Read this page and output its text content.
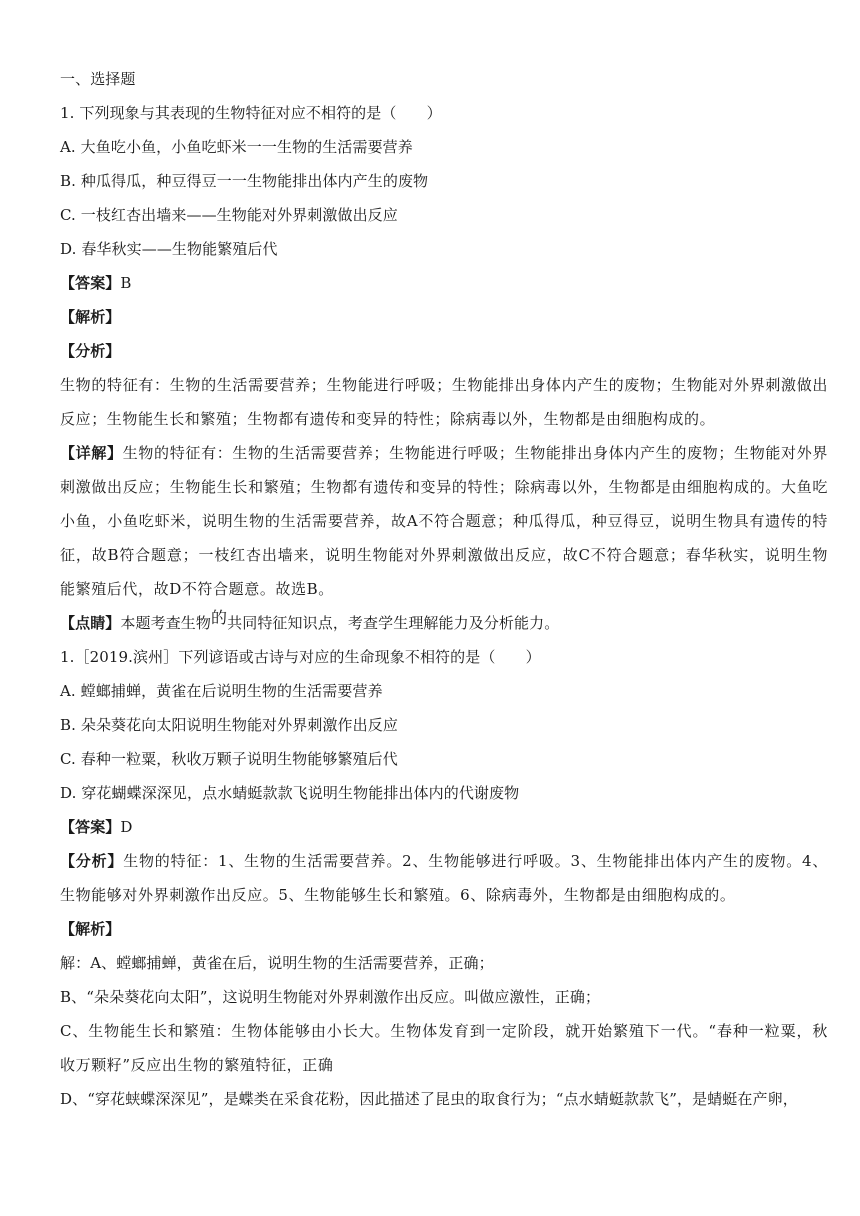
一、选择题
1. 下列现象与其表现的生物特征对应不相符的是（　　）
A. 大鱼吃小鱼，小鱼吃虾米一一生物的生活需要营养
B. 种瓜得瓜，种豆得豆一一生物能排出体内产生的废物
C. 一枝红杏出墙来——生物能对外界刺激做出反应
D. 春华秋实——生物能繁殖后代
【答案】B
【解析】
【分析】
生物的特征有：生物的生活需要营养；生物能进行呼吸；生物能排出身体内产生的废物；生物能对外界刺激做出反应；生物能生长和繁殖；生物都有遗传和变异的特性；除病毒以外，生物都是由细胞构成的。
【详解】生物的特征有：生物的生活需要营养；生物能进行呼吸；生物能排出身体内产生的废物；生物能对外界刺激做出反应；生物能生长和繁殖；生物都有遗传和变异的特性；除病毒以外，生物都是由细胞构成的。大鱼吃小鱼，小鱼吃虾米，说明生物的生活需要营养，故A不符合题意；种瓜得瓜，种豆得豆，说明生物具有遗传的特征，故B符合题意；一枝红杏出墙来，说明生物能对外界刺激做出反应，故C不符合题意；春华秋实，说明生物能繁殖后代，故D不符合题意。故选B。
【点睛】本题考查生物的共同特征知识点，考查学生理解能力及分析能力。
1.［2019.滨州］下列谚语或古诗与对应的生命现象不相符的是（　　）
A. 螳螂捕蝉，黄雀在后说明生物的生活需要营养
B. 朵朵葵花向太阳说明生物能对外界刺激作出反应
C. 春种一粒粟，秋收万颗子说明生物能够繁殖后代
D. 穿花蝴蝶深深见，点水蜻蜓款款飞说明生物能排出体内的代谢废物
【答案】D
【分析】生物的特征：1、生物的生活需要营养。2、生物能够进行呼吸。3、生物能排出体内产生的废物。4、生物能够对外界刺激作出反应。5、生物能够生长和繁殖。6、除病毒外，生物都是由细胞构成的。
【解析】
解：A、螳螂捕蝉，黄雀在后，说明生物的生活需要营养，正确；
B、“朵朵葵花向太阳”，这说明生物能对外界刺激作出反应。叫做应激性，正确；
C、生物能生长和繁殖：生物体能够由小长大。生物体发育到一定阶段，就开始繁殖下一代。“春种一粒粟，秋收万颗籽”反应出生物的繁殖特征，正确
D、“穿花蛱蝶深深见”，是蝶类在采食花粉，因此描述了昆虫的取食行为；“点水蜻蜓款款飞”，是蜻蜓在产卵，
